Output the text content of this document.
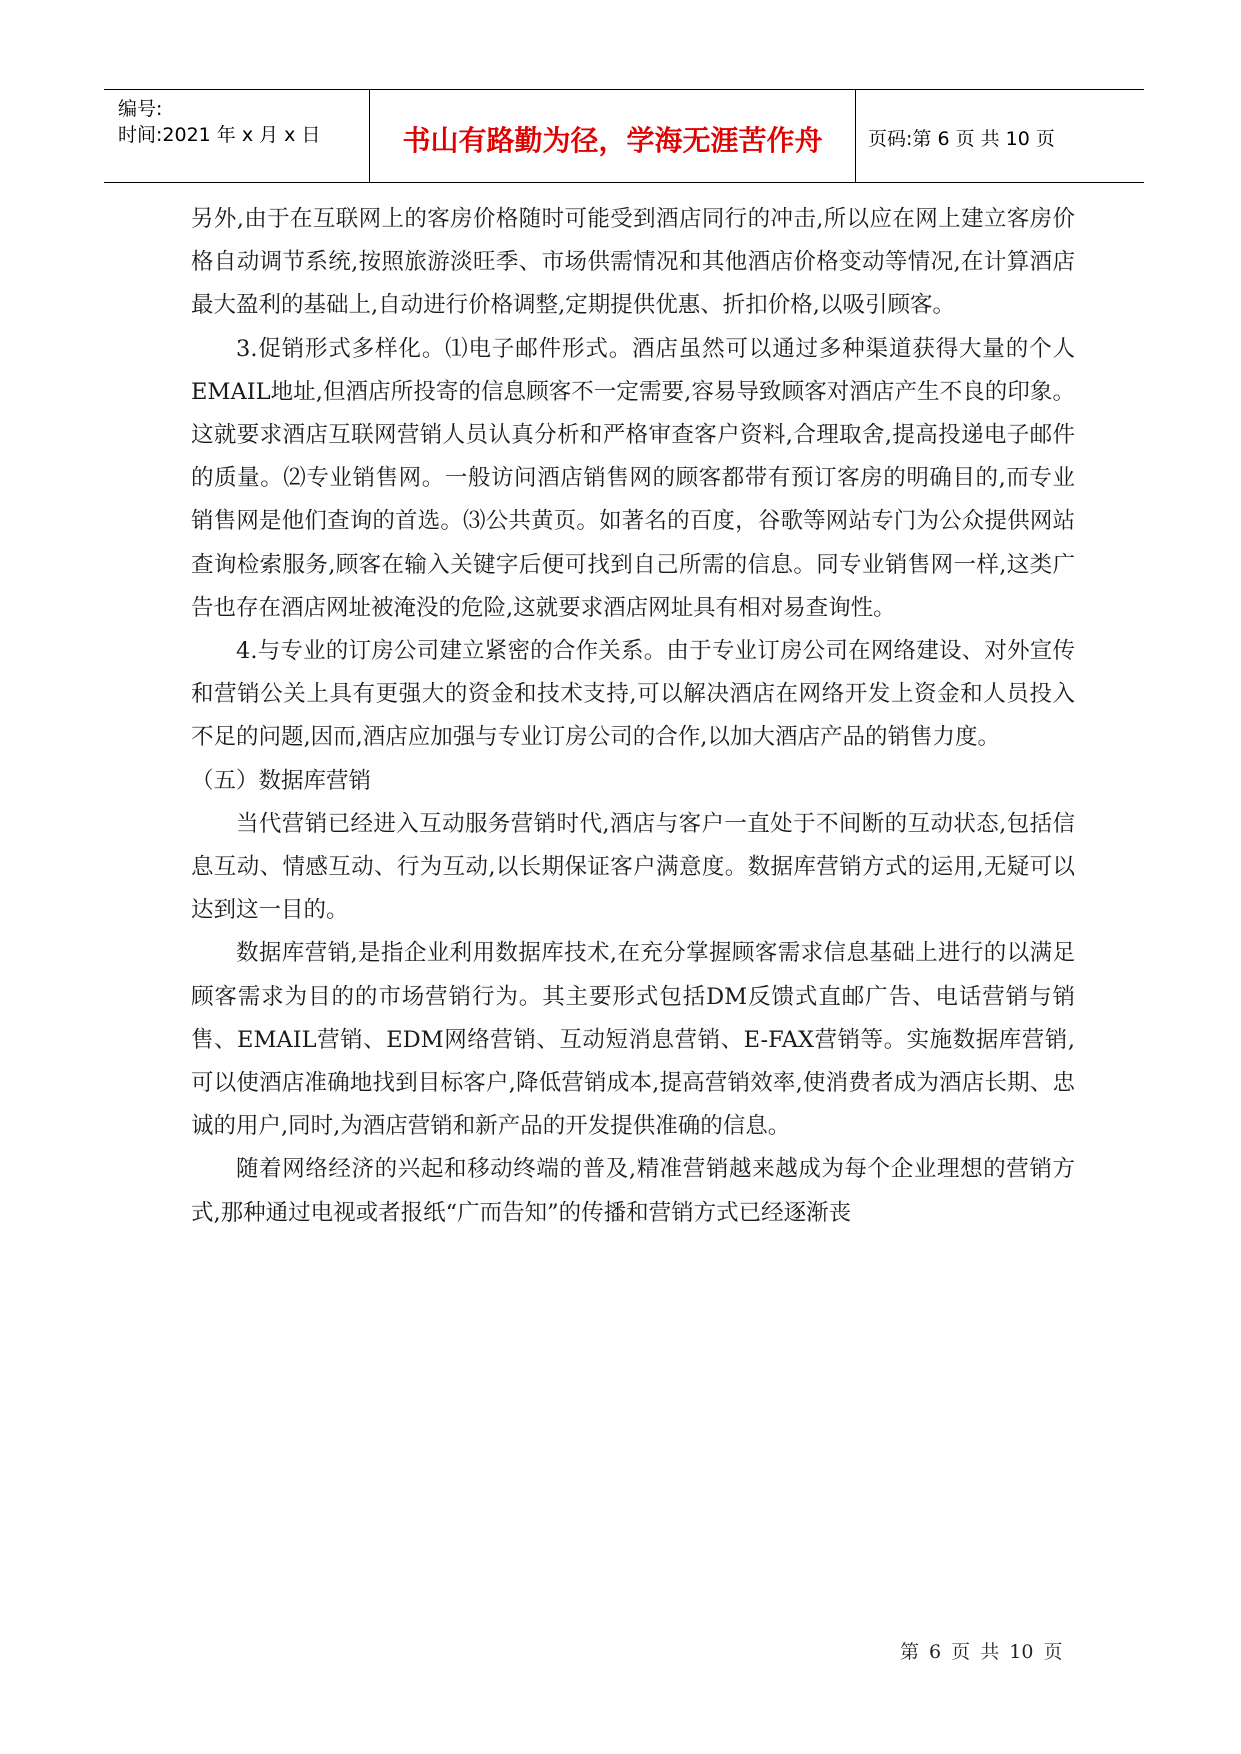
编号:
时间:2021 年 x 月 x 日	书山有路勤为径，学海无涯苦作舟	页码:第 6 页 共 10 页

另外,由于在互联网上的客房价格随时可能受到酒店同行的冲击,所以应在网上建立客房价格自动调节系统,按照旅游淡旺季、市场供需情况和其他酒店价格变动等情况,在计算酒店最大盈利的基础上,自动进行价格调整,定期提供优惠、折扣价格,以吸引顾客。

3.促销形式多样化。⑴电子邮件形式。酒店虽然可以通过多种渠道获得大量的个人EMAIL地址,但酒店所投寄的信息顾客不一定需要,容易导致顾客对酒店产生不良的印象。这就要求酒店互联网营销人员认真分析和严格审查客户资料,合理取舍,提高投递电子邮件的质量。⑵专业销售网。一般访问酒店销售网的顾客都带有预订客房的明确目的,而专业销售网是他们查询的首选。⑶公共黄页。如著名的百度，谷歌等网站专门为公众提供网站查询检索服务,顾客在输入关键字后便可找到自己所需的信息。同专业销售网一样,这类广告也存在酒店网址被淹没的危险,这就要求酒店网址具有相对易查询性。

4.与专业的订房公司建立紧密的合作关系。由于专业订房公司在网络建设、对外宣传和营销公关上具有更强大的资金和技术支持,可以解决酒店在网络开发上资金和人员投入不足的问题,因而,酒店应加强与专业订房公司的合作,以加大酒店产品的销售力度。

（五）数据库营销

当代营销已经进入互动服务营销时代,酒店与客户一直处于不间断的互动状态,包括信息互动、情感互动、行为互动,以长期保证客户满意度。数据库营销方式的运用,无疑可以达到这一目的。

数据库营销,是指企业利用数据库技术,在充分掌握顾客需求信息基础上进行的以满足顾客需求为目的的市场营销行为。其主要形式包括DM反馈式直邮广告、电话营销与销售、EMAIL营销、EDM网络营销、互动短消息营销、E-FAX营销等。实施数据库营销,可以使酒店准确地找到目标客户,降低营销成本,提高营销效率,使消费者成为酒店长期、忠诚的用户,同时,为酒店营销和新产品的开发提供准确的信息。

随着网络经济的兴起和移动终端的普及,精准营销越来越成为每个企业理想的营销方式,那种通过电视或者报纸“广而告知”的传播和营销方式已经逐渐丧

第 6 页 共 10 页
